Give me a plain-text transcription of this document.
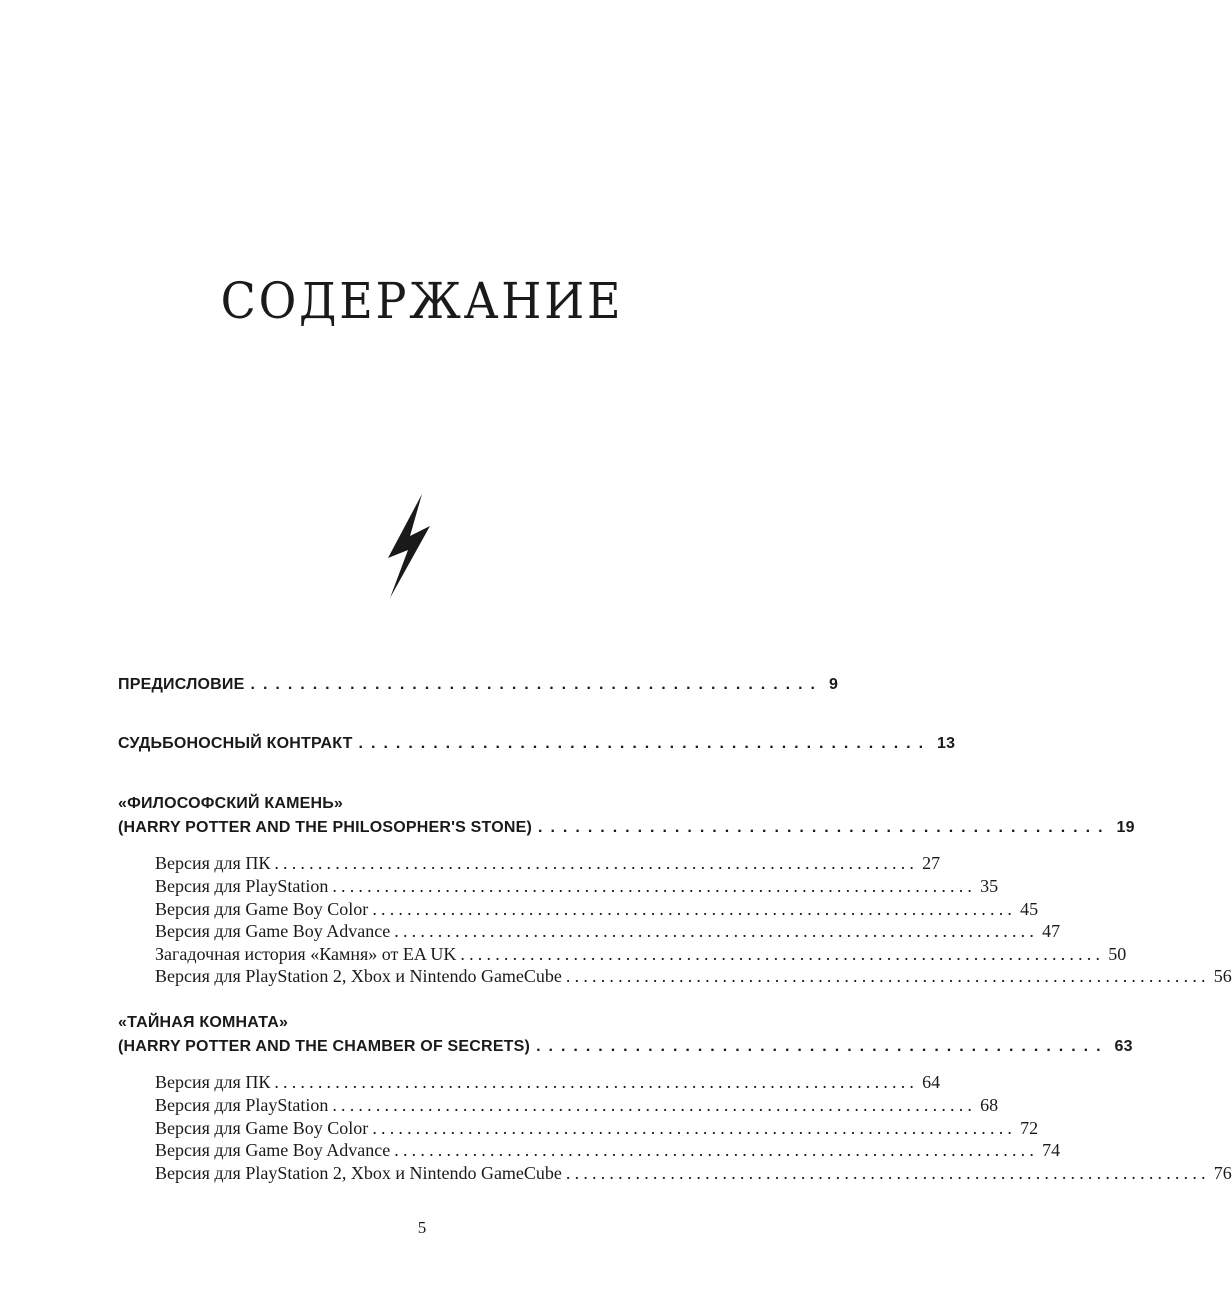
СОДЕРЖАНИЕ
ПРЕДИСЛОВИЕ .............................................. 9
СУДЬБОНОСНЫЙ КОНТРАКТ .............................................. 13
«ФИЛОСОФСКИЙ КАМЕНЬ»
(HARRY POTTER AND THE PHILOSOPHER'S STONE) .............................................. 19
Версия для ПК .......................................................................... 27
Версия для PlayStation .......................................................................... 35
Версия для Game Boy Color .......................................................................... 45
Версия для Game Boy Advance .......................................................................... 47
Загадочная история «Камня» от EA UK .......................................................................... 50
Версия для PlayStation 2, Xbox и Nintendo GameCube .......................................................................... 56
«ТАЙНАЯ КОМНАТА»
(HARRY POTTER AND THE CHAMBER OF SECRETS) .............................................. 63
Версия для ПК .......................................................................... 64
Версия для PlayStation .......................................................................... 68
Версия для Game Boy Color .......................................................................... 72
Версия для Game Boy Advance .......................................................................... 74
Версия для PlayStation 2, Xbox и Nintendo GameCube .......................................................................... 76
5
